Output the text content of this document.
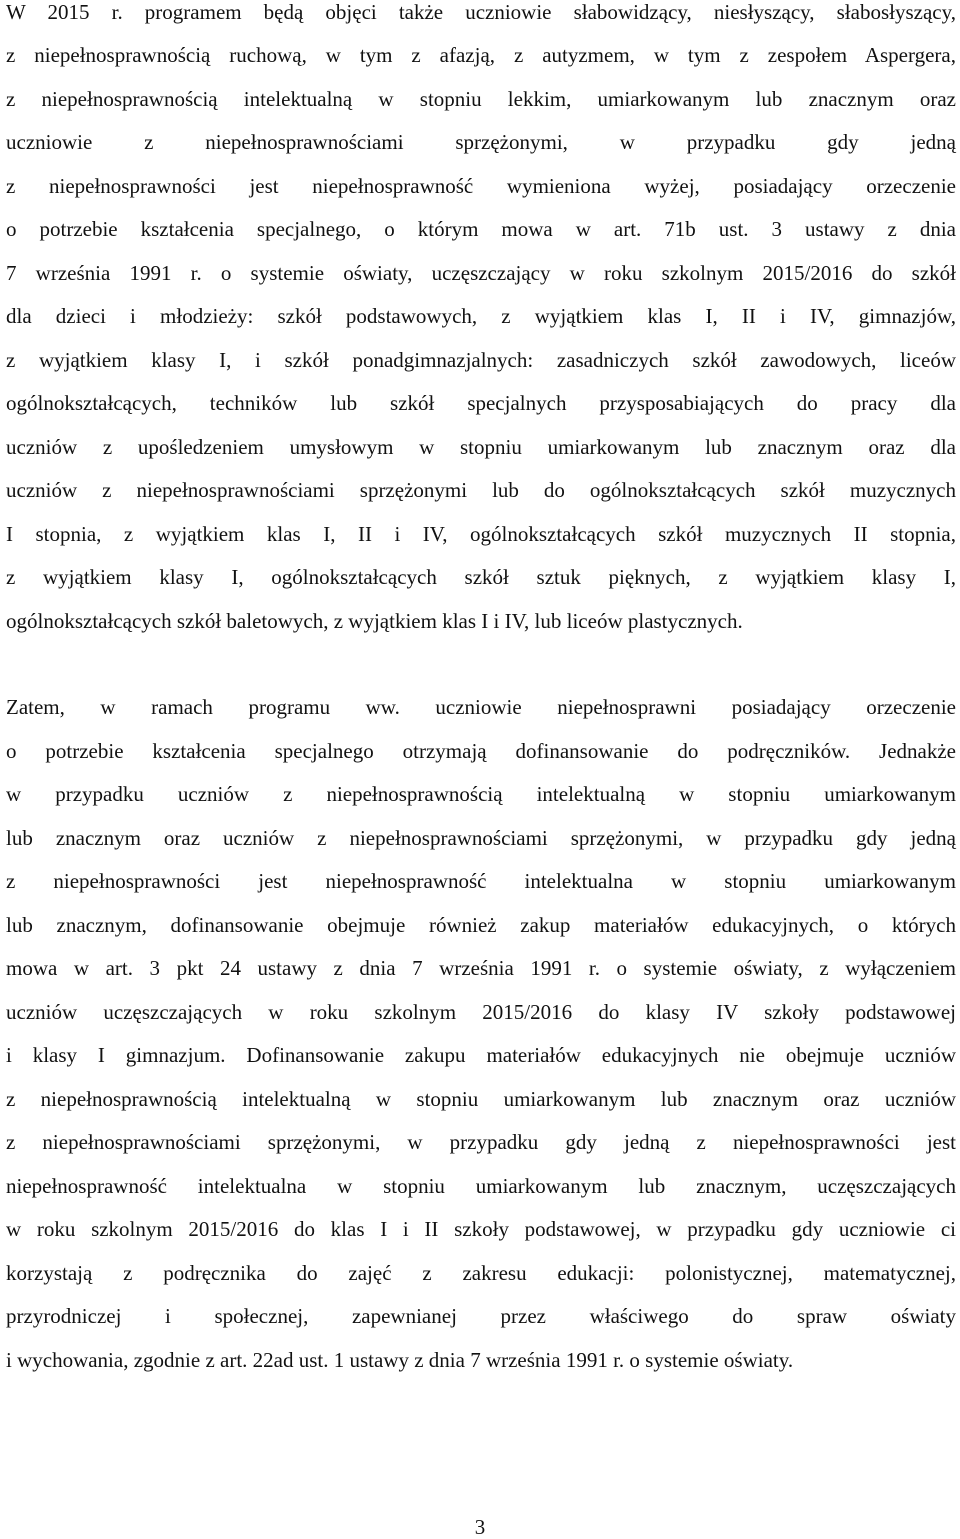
W 2015 r. programem będą objęci także uczniowie słabowidzący, niesłyszący, słabosłyszący,
z niepełnosprawnością ruchową, w tym z afazją, z autyzmem, w tym z zespołem Aspergera,
z niepełnosprawnością intelektualną w stopniu lekkim, umiarkowanym lub znacznym oraz
uczniowie z niepełnosprawnościami sprzężonymi, w przypadku gdy jedną
z niepełnosprawności jest niepełnosprawność wymieniona wyżej, posiadający orzeczenie
o potrzebie kształcenia specjalnego, o którym mowa w art. 71b ust. 3 ustawy z dnia
7 września 1991 r. o systemie oświaty, uczęszczający w roku szkolnym 2015/2016 do szkół
dla dzieci i młodzieży: szkół podstawowych, z wyjątkiem klas I, II i IV, gimnazjów,
z wyjątkiem klasy I, i szkół ponadgimnazjalnych: zasadniczych szkół zawodowych, liceów
ogólnokształcących, techników lub szkół specjalnych przysposabiających do pracy dla
uczniów z upośledzeniem umysłowym w stopniu umiarkowanym lub znacznym oraz dla
uczniów z niepełnosprawnościami sprzężonymi lub do ogólnokształcących szkół muzycznych
I stopnia, z wyjątkiem klas I, II i IV, ogólnokształcących szkół muzycznych II stopnia,
z wyjątkiem klasy I, ogólnokształcących szkół sztuk pięknych, z wyjątkiem klasy I,
ogólnokształcących szkół baletowych, z wyjątkiem klas I i IV, lub liceów plastycznych.
Zatem, w ramach programu ww. uczniowie niepełnosprawni posiadający orzeczenie
o potrzebie kształcenia specjalnego otrzymają dofinansowanie do podręczników. Jednakże
w przypadku uczniów z niepełnosprawnością intelektualną w stopniu umiarkowanym
lub znacznym oraz uczniów z niepełnosprawnościami sprzężonymi, w przypadku gdy jedną
z niepełnosprawności jest niepełnosprawność intelektualna w stopniu umiarkowanym
lub znacznym, dofinansowanie obejmuje również zakup materiałów edukacyjnych, o których
mowa w art. 3 pkt 24 ustawy z dnia 7 września 1991 r. o systemie oświaty, z wyłączeniem
uczniów uczęszczających w roku szkolnym 2015/2016 do klasy IV szkoły podstawowej
i klasy I gimnazjum. Dofinansowanie zakupu materiałów edukacyjnych nie obejmuje uczniów
z niepełnosprawnością intelektualną w stopniu umiarkowanym lub znacznym oraz uczniów
z niepełnosprawnościami sprzężonymi, w przypadku gdy jedną z niepełnosprawności jest
niepełnosprawność intelektualna w stopniu umiarkowanym lub znacznym, uczęszczających
w roku szkolnym 2015/2016 do klas I i II szkoły podstawowej, w przypadku gdy uczniowie ci
korzystają z podręcznika do zajęć z zakresu edukacji: polonistycznej, matematycznej,
przyrodniczej i społecznej, zapewnianej przez właściwego do spraw oświaty
i wychowania, zgodnie z art. 22ad ust. 1 ustawy z dnia 7 września 1991 r. o systemie oświaty.
3
